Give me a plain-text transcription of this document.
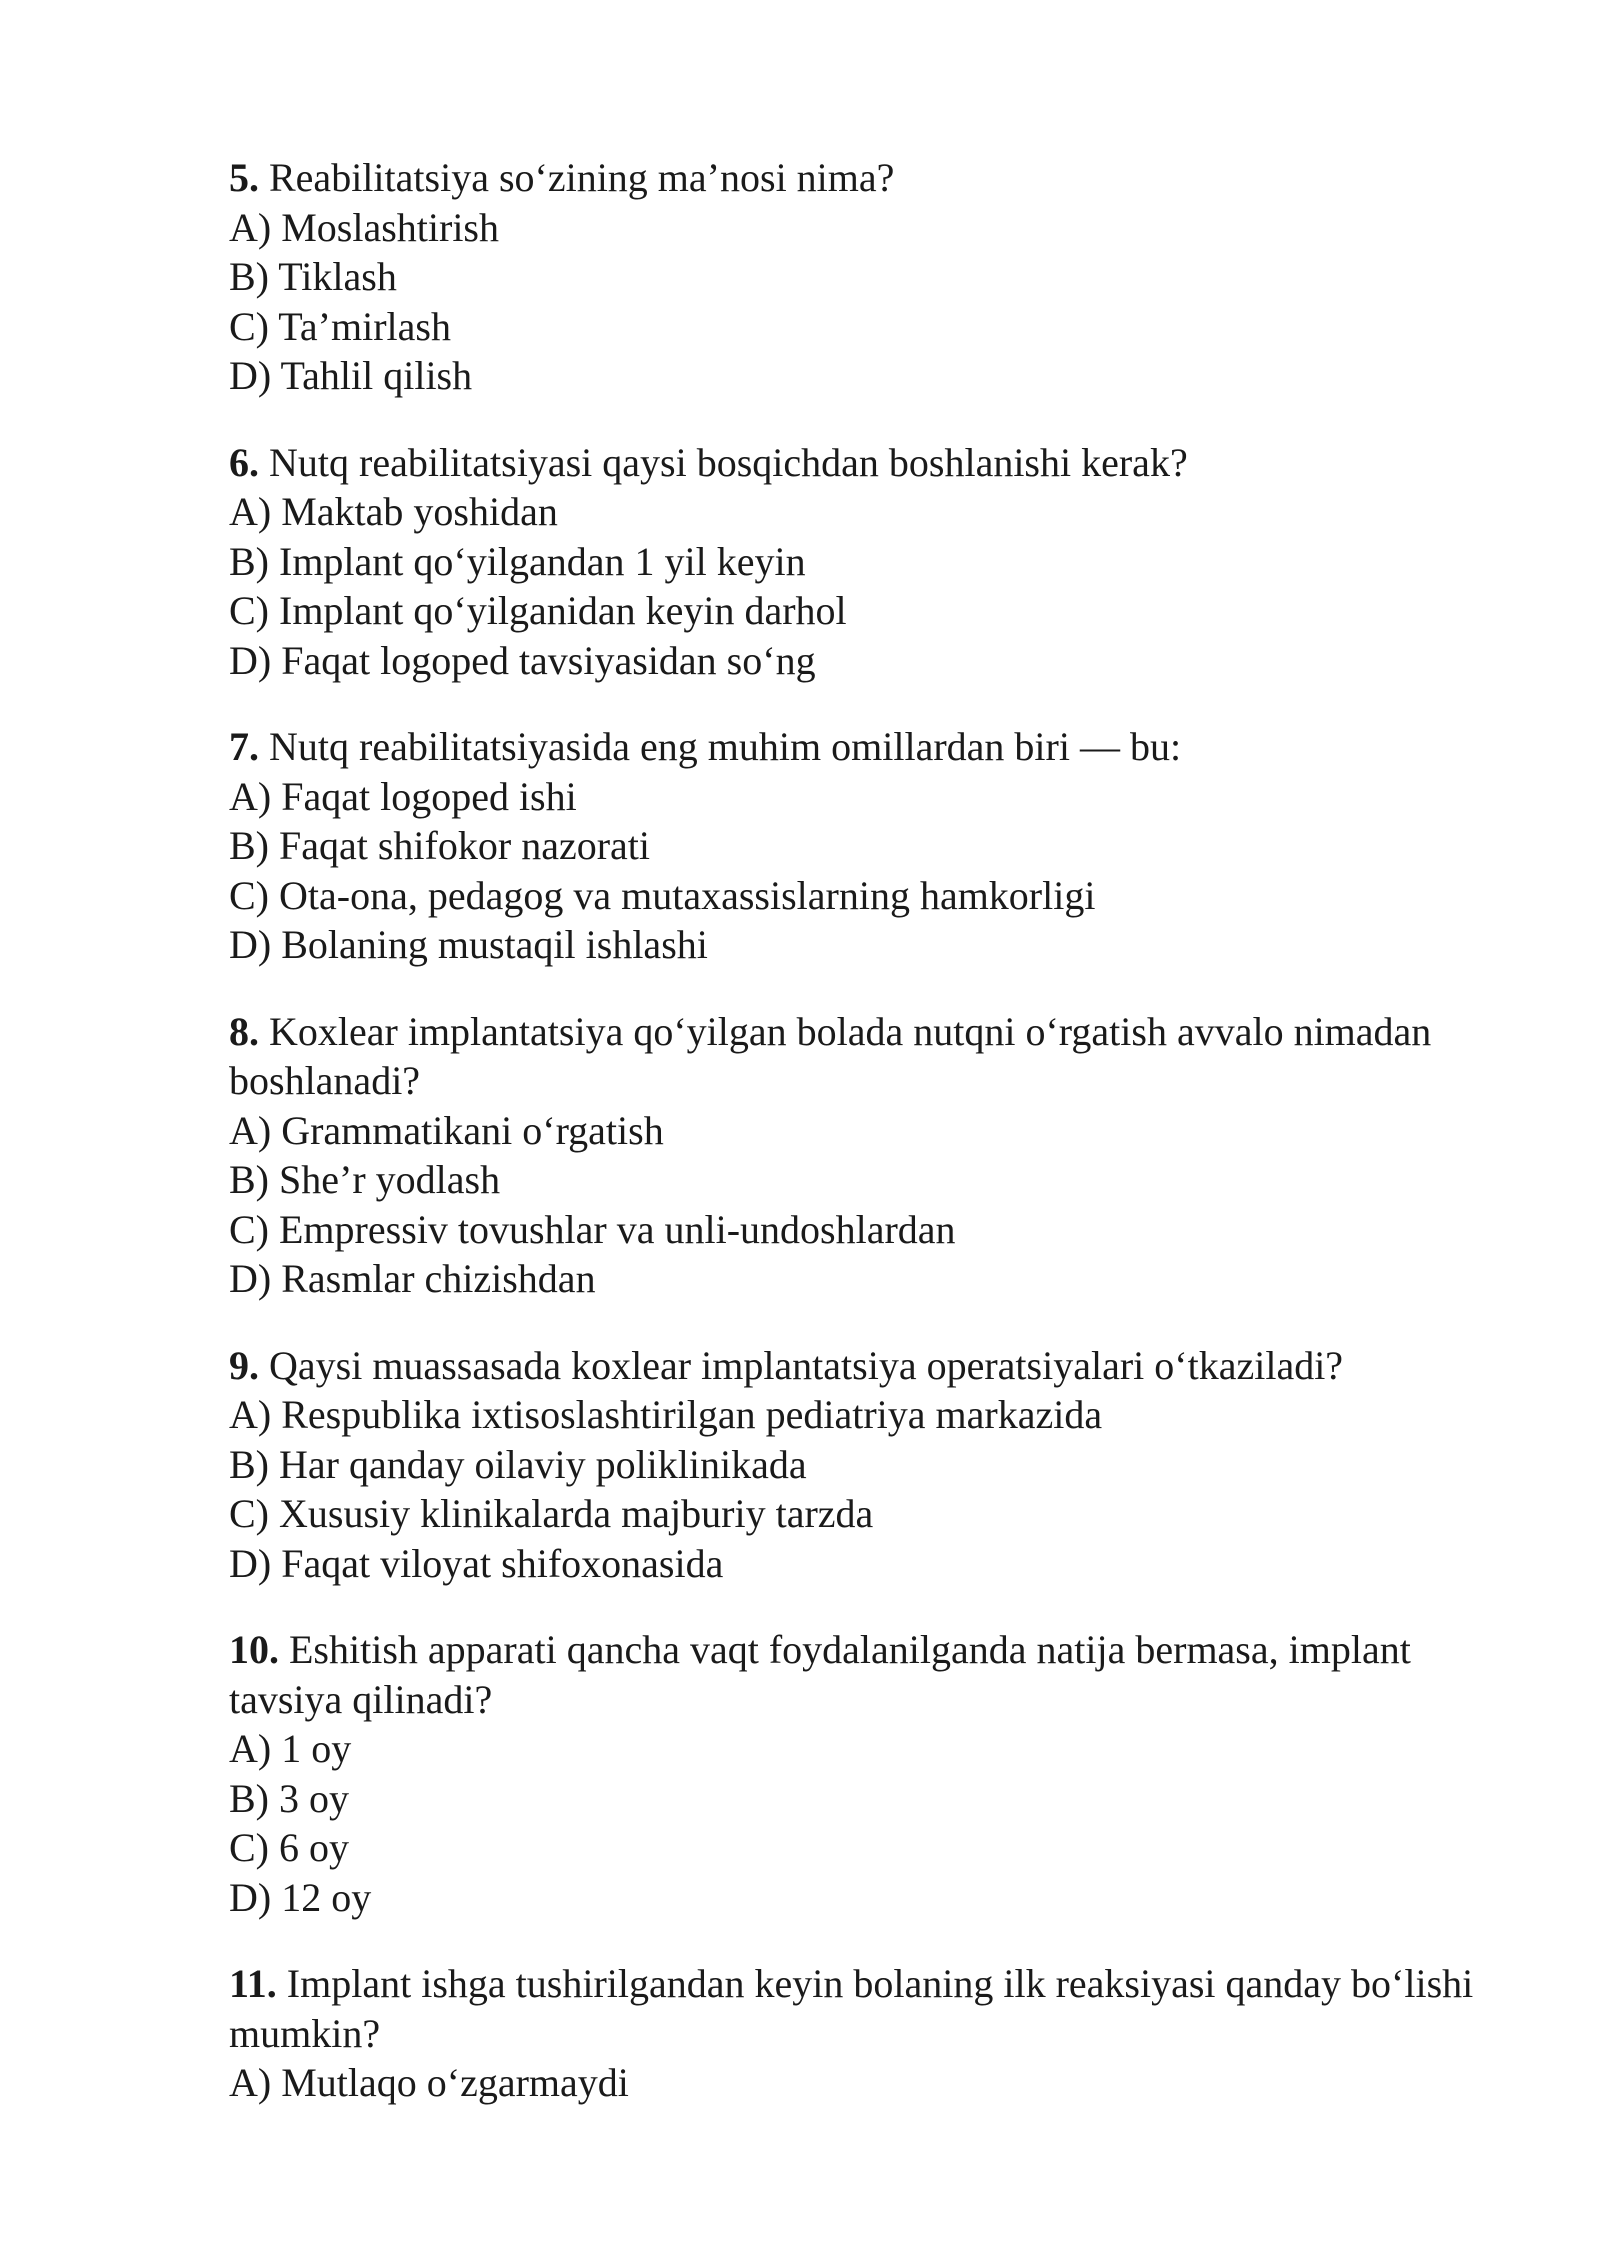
5. Reabilitatsiya so‘zining ma’nosi nima?
A) Moslashtirish
B) Tiklash
C) Ta’mirlash
D) Tahlil qilish
6. Nutq reabilitatsiyasi qaysi bosqichdan boshlanishi kerak?
A) Maktab yoshidan
B) Implant qo‘yilgandan 1 yil keyin
C) Implant qo‘yilganidan keyin darhol
D) Faqat logoped tavsiyasidan so‘ng
7. Nutq reabilitatsiyasida eng muhim omillardan biri — bu:
A) Faqat logoped ishi
B) Faqat shifokor nazorati
C) Ota-ona, pedagog va mutaxassislarning hamkorligi
D) Bolaning mustaqil ishlashi
8. Koxlear implantatsiya qo‘yilgan bolada nutqni o‘rgatish avvalo nimadan boshlanadi?
A) Grammatikani o‘rgatish
B) She’r yodlash
C) Empressiv tovushlar va unli-undoshlardan
D) Rasmlar chizishdan
9. Qaysi muassasada koxlear implantatsiya operatsiyalari o‘tkaziladi?
A) Respublika ixtisoslashtirilgan pediatriya markazida
B) Har qanday oilaviy poliklinikada
C) Xususiy klinikalarda majburiy tarzda
D) Faqat viloyat shifoxonasida
10. Eshitish apparati qancha vaqt foydalanilganda natija bermasa, implant tavsiya qilinadi?
A) 1 oy
B) 3 oy
C) 6 oy
D) 12 oy
11. Implant ishga tushirilgandan keyin bolaning ilk reaksiyasi qanday bo‘lishi mumkin?
A) Mutlaqo o‘zgarmaydi
